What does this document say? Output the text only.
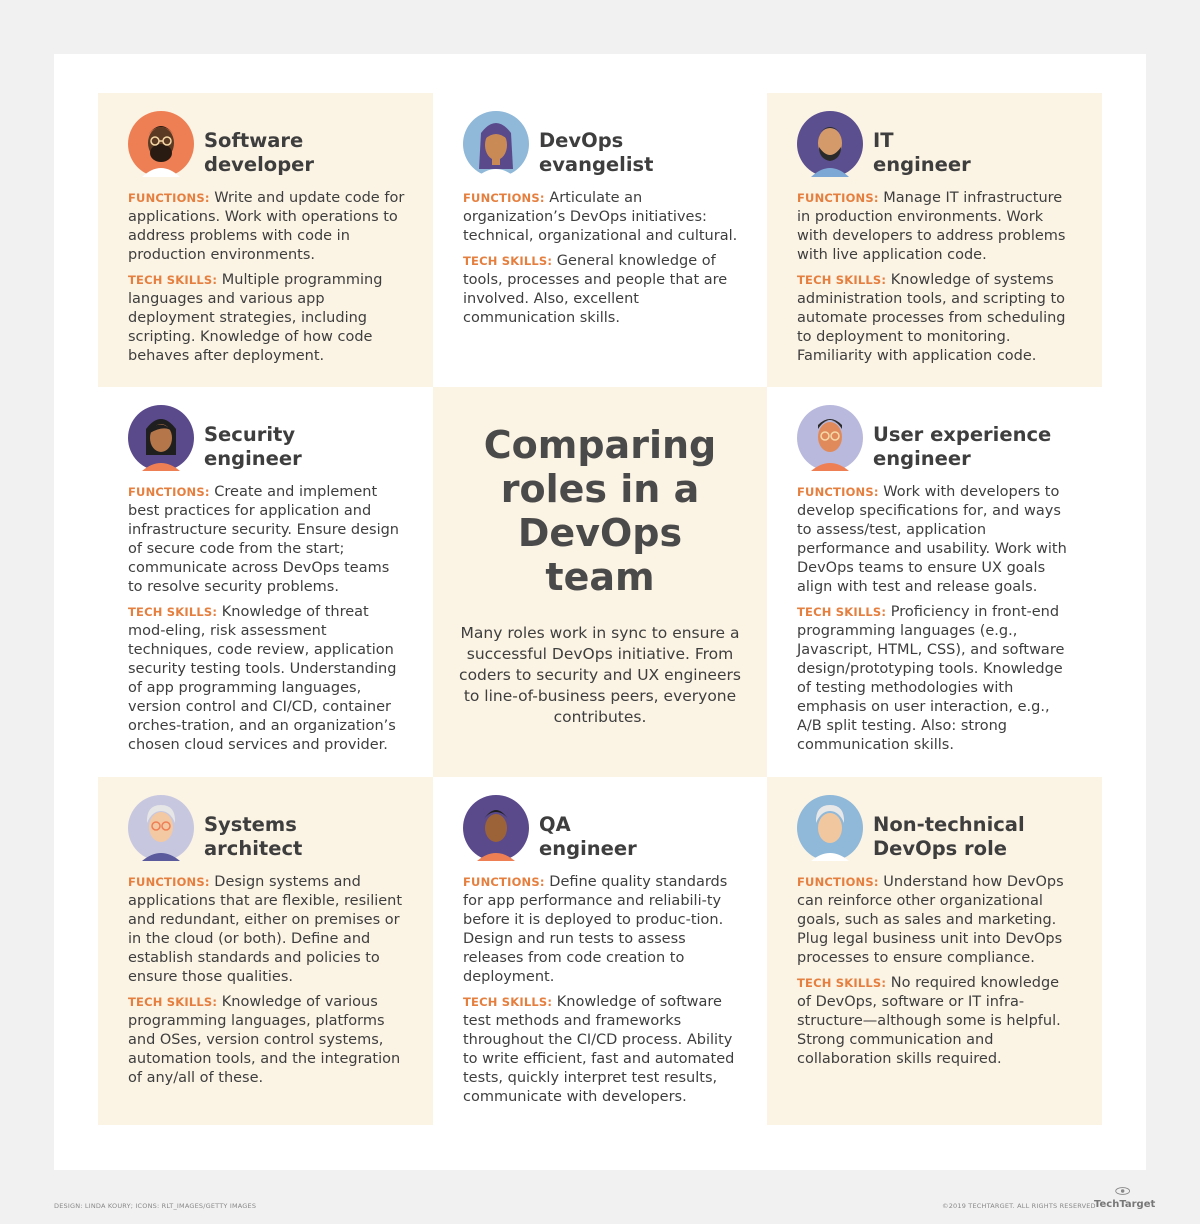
Software
developer

FUNCTIONS: Write and update code for applications. Work with operations to address problems with code in production environments.

TECH SKILLS: Multiple programming languages and various app deployment strategies, including scripting. Knowledge of how code behaves after deployment.

DevOps
evangelist

FUNCTIONS: Articulate an organization’s DevOps initiatives: technical, organizational and cultural.

TECH SKILLS: General knowledge of tools, processes and people that are involved. Also, excellent communication skills.

IT
engineer

FUNCTIONS: Manage IT infrastructure in production environments. Work with developers to address problems with live application code.

TECH SKILLS: Knowledge of systems administration tools, and scripting to automate processes from scheduling to deployment to monitoring. Familiarity with application code.

Security
engineer

FUNCTIONS: Create and implement best practices for application and infrastructure security. Ensure design of secure code from the start; communicate across DevOps teams to resolve security problems.

TECH SKILLS: Knowledge of threat mod-eling, risk assessment techniques, code review, application security testing tools. Understanding of app programming languages, version control and CI/CD, container orches-tration, and an organization’s chosen cloud services and provider.

Comparing
roles in a
DevOps
team
Many roles work in sync to ensure a successful DevOps initiative. From coders to security and UX engineers to line-of-business peers, everyone contributes.
User experience
engineer

FUNCTIONS: Work with developers to develop specifications for, and ways to assess/test, application performance and usability. Work with DevOps teams to ensure UX goals align with test and release goals.

TECH SKILLS: Proficiency in front-end programming languages (e.g., Javascript, HTML, CSS), and software design/prototyping tools. Knowledge of testing methodologies with emphasis on user interaction, e.g., A/B split testing. Also: strong communication skills.

Systems
architect

FUNCTIONS: Design systems and applications that are flexible, resilient and redundant, either on premises or in the cloud (or both). Define and establish standards and policies to ensure those qualities.

TECH SKILLS: Knowledge of various programming languages, platforms and OSes, version control systems, automation tools, and the integration of any/all of these.

QA
engineer

FUNCTIONS: Define quality standards for app performance and reliabili-ty before it is deployed to produc-tion. Design and run tests to assess releases from code creation to deployment.

TECH SKILLS: Knowledge of software test methods and frameworks throughout the CI/CD process. Ability to write efficient, fast and automated tests, quickly interpret test results, communicate with developers.

Non-technical
DevOps role

FUNCTIONS: Understand how DevOps can reinforce other organizational goals, such as sales and marketing. Plug legal business unit into DevOps processes to ensure compliance.

TECH SKILLS: No required knowledge of DevOps, software or IT infra-structure—although some is helpful. Strong communication and collaboration skills required.

DESIGN: LINDA KOURY; ICONS: RLT_IMAGES/GETTY IMAGES	©2019 TECHTARGET. ALL RIGHTS RESERVED
TechTarget
